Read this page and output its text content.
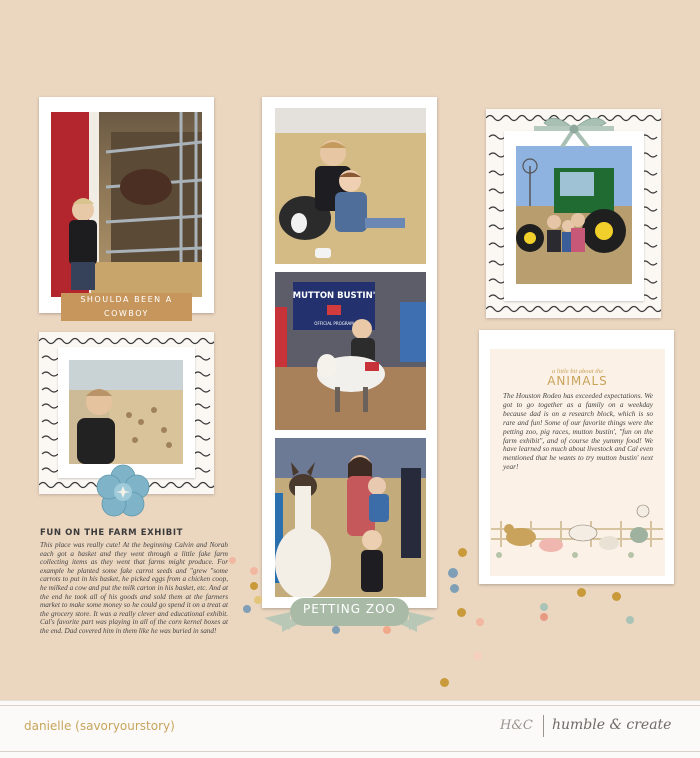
SHOULDA BEEN A COWBOY
FUN ON THE FARM EXHIBIT
This place was really cute! At the beginning Calvin and Norah each got a basket and they went through a little fake farm collecting items as they went that farms might produce. For example he planted some fake carrot seeds and "grew "some carrots to put in his basket, he picked eggs from a chicken coop, he milked a cow and put the milk carton in his basket, etc. And at the end he took all of his goods and sold them at the farmers market to make some money so he could go spend it on a treat at the grocery store. It was a really clever and educational exhibit. Cal's favorite part was playing in all of the corn kernel boxes at the end. Dad covered him in them like he was buried in sand!
MUTTON BUSTIN'
OFFICIAL PROGRAM
PETTING ZOO
a little bit about the
ANIMALS
The Houston Rodeo has exceeded expectations. We got to go together as a family on a weekday because dad is on a research block, which is so rare and fun! Some of our favorite things were the petting zoo, pig races, mutton bustin', "fun on the farm exhibit", and of course the yummy food! We have learned so much about livestock and Cal even mentioned that he wants to try mutton bustin' next year!
danielle (savoryourstory)	H&C humble & create
